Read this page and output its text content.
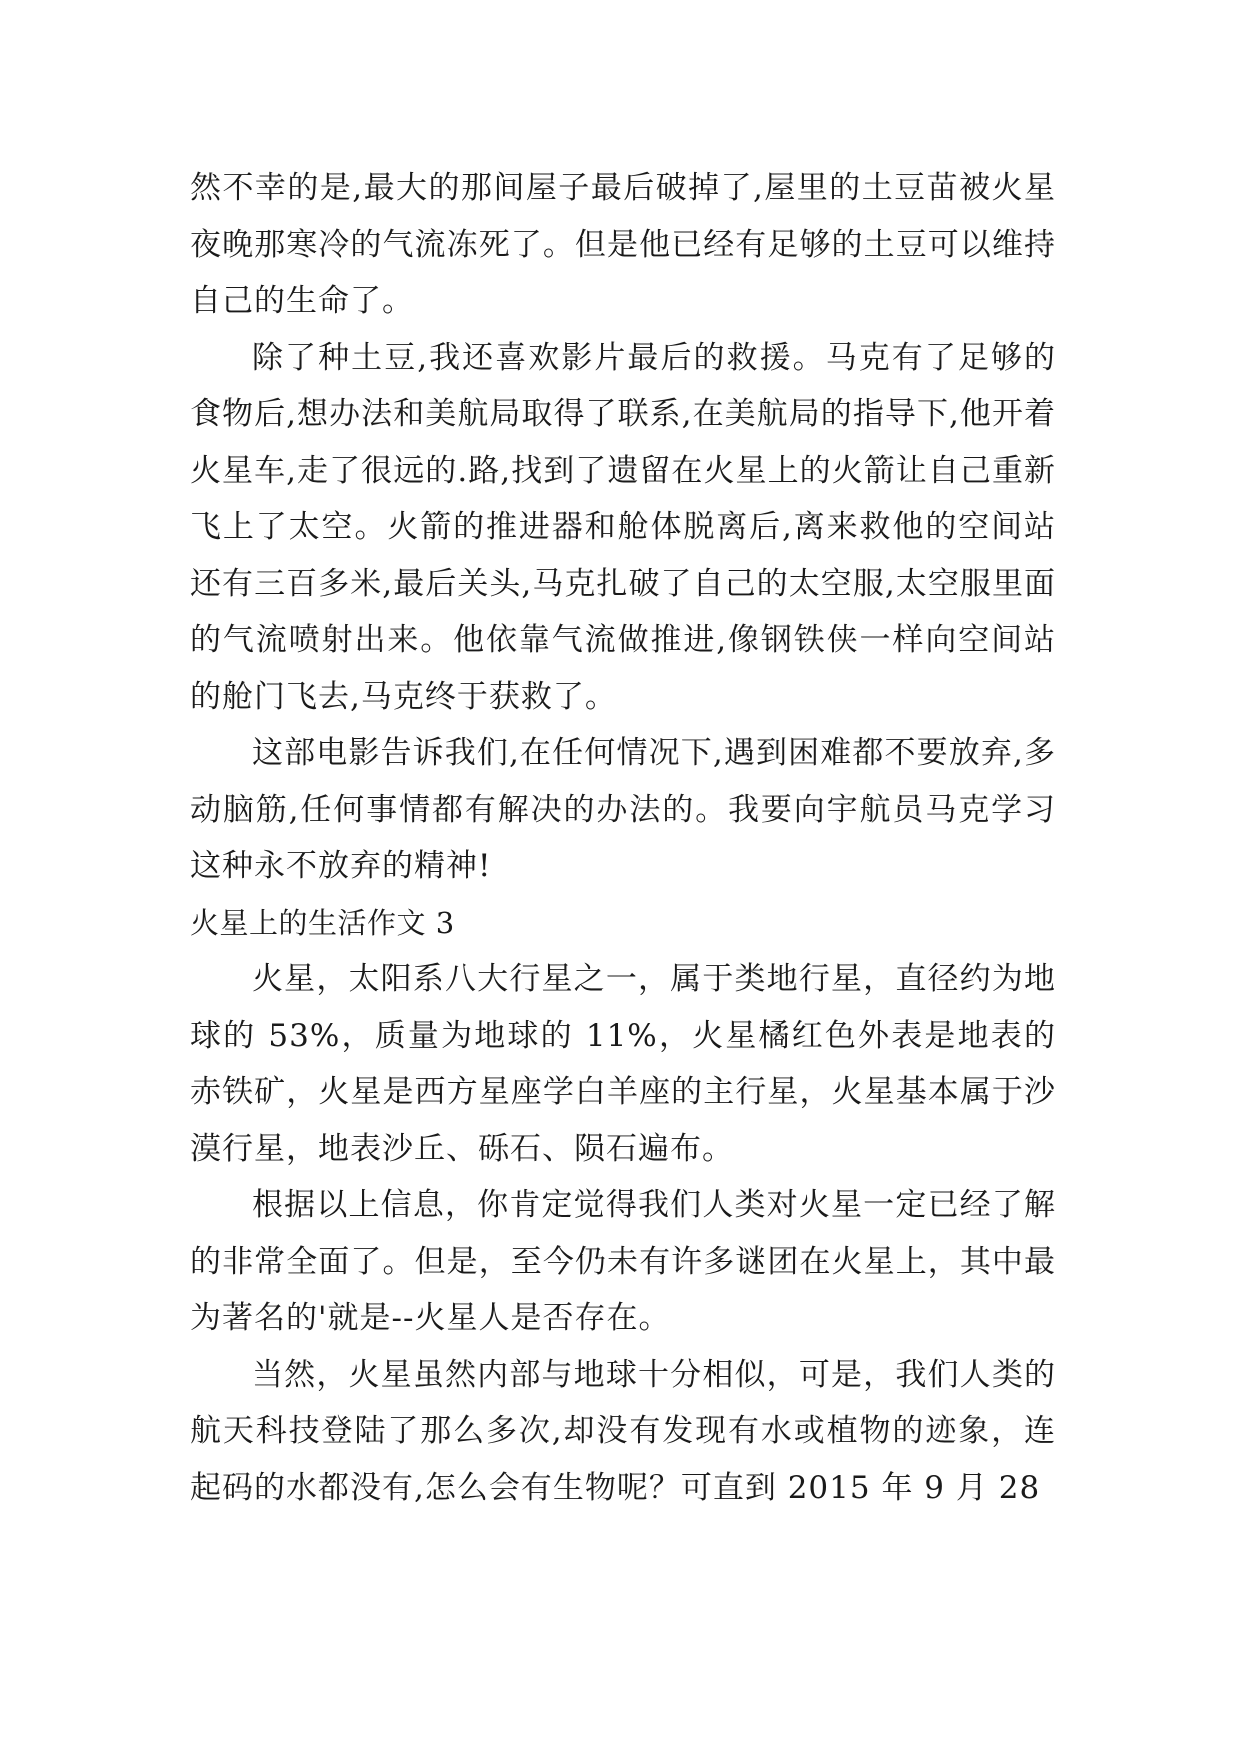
然不幸的是,最大的那间屋子最后破掉了,屋里的土豆苗被火星夜晚那寒冷的气流冻死了。但是他已经有足够的土豆可以维持自己的生命了。

除了种土豆,我还喜欢影片最后的救援。马克有了足够的食物后,想办法和美航局取得了联系,在美航局的指导下,他开着火星车,走了很远的.路,找到了遗留在火星上的火箭让自己重新飞上了太空。火箭的推进器和舱体脱离后,离来救他的空间站还有三百多米,最后关头,马克扎破了自己的太空服,太空服里面的气流喷射出来。他依靠气流做推进,像钢铁侠一样向空间站的舱门飞去,马克终于获救了。

这部电影告诉我们,在任何情况下,遇到困难都不要放弃,多动脑筋,任何事情都有解决的办法的。我要向宇航员马克学习这种永不放弃的精神!

火星上的生活作文 3

火星，太阳系八大行星之一，属于类地行星，直径约为地球的 53%，质量为地球的 11%，火星橘红色外表是地表的赤铁矿，火星是西方星座学白羊座的主行星，火星基本属于沙漠行星，地表沙丘、砾石、陨石遍布。

根据以上信息，你肯定觉得我们人类对火星一定已经了解的非常全面了。但是，至今仍未有许多谜团在火星上，其中最为著名的'就是--火星人是否存在。

当然，火星虽然内部与地球十分相似，可是，我们人类的航天科技登陆了那么多次,却没有发现有水或植物的迹象，连起码的水都没有,怎么会有生物呢？可直到 2015 年 9 月 28
